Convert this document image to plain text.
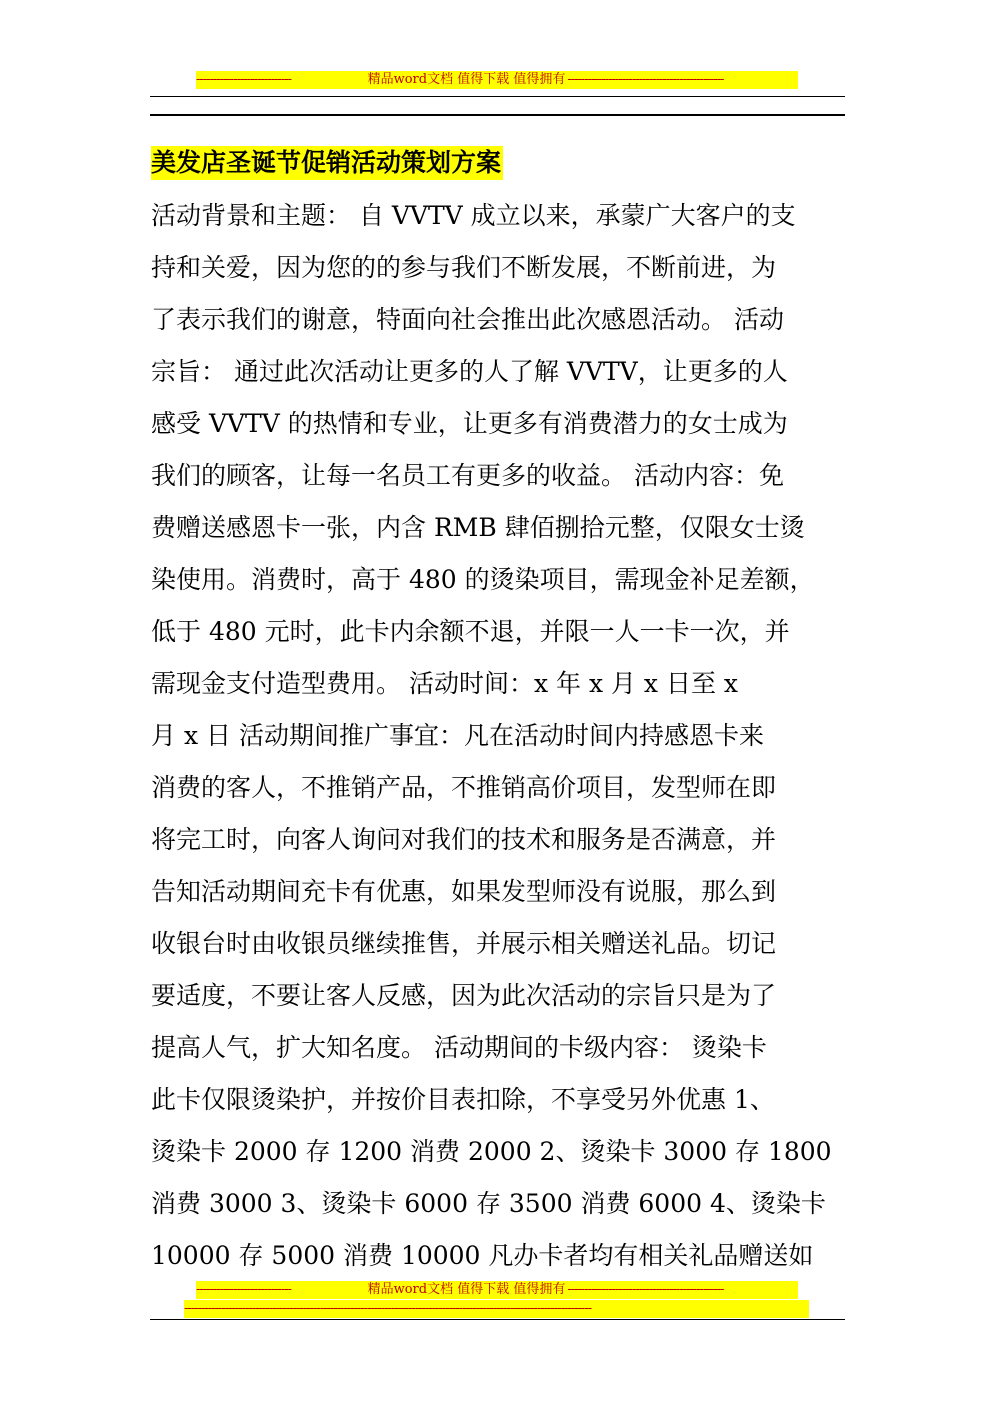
----------------------------	精品word文档 值得下载 值得拥有 ----------------------------------------------
美发店圣诞节促销活动策划方案
活动背景和主题： 自 VVTV 成立以来，承蒙广大客户的支
持和关爱，因为您的的参与我们不断发展，不断前进，为
了表示我们的谢意，特面向社会推出此次感恩活动。 活动
宗旨： 通过此次活动让更多的人了解 VVTV，让更多的人
感受 VVTV 的热情和专业，让更多有消费潜力的女士成为
我们的顾客，让每一名员工有更多的收益。 活动内容：免
费赠送感恩卡一张，内含 RMB 肆佰捌拾元整，仅限女士烫
染使用。消费时，高于 480 的烫染项目，需现金补足差额，
低于 480 元时，此卡内余额不退，并限一人一卡一次，并
需现金支付造型费用。 活动时间：x 年 x 月 x 日至 x
月 x 日 活动期间推广事宜：凡在活动时间内持感恩卡来
消费的客人，不推销产品，不推销高价项目，发型师在即
将完工时，向客人询问对我们的技术和服务是否满意，并
告知活动期间充卡有优惠，如果发型师没有说服，那么到
收银台时由收银员继续推售，并展示相关赠送礼品。切记
要适度，不要让客人反感，因为此次活动的宗旨只是为了
提高人气，扩大知名度。 活动期间的卡级内容： 烫染卡
此卡仅限烫染护，并按价目表扣除，不享受另外优惠 1、
烫染卡 2000 存 1200 消费 2000 2、烫染卡 3000 存 1800
消费 3000 3、烫染卡 6000 存 3500 消费 6000 4、烫染卡
10000 存 5000 消费 10000 凡办卡者均有相关礼品赠送如
----------------------------	精品word文档 值得下载 值得拥有 ----------------------------------------------
------------------------------------------------------------------------------------------------------------------------
